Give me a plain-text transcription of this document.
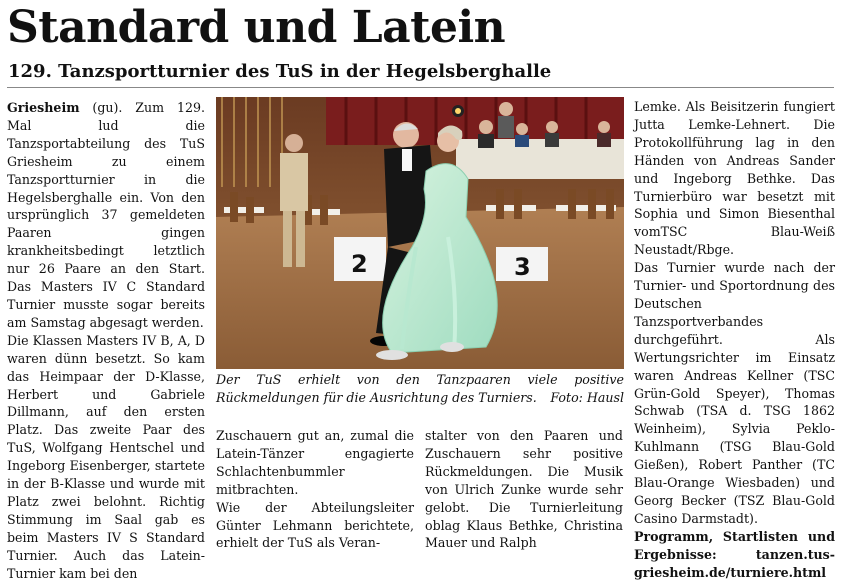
Standard und Latein
129. Tanzsportturnier des TuS in der Hegelsberghalle

Griesheim (gu). Zum 129. Mal lud die Tanzsportabteilung des TuS Griesheim zu einem Tanzsportturnier in die Hegelsberghalle ein. Von den ursprünglich 37 gemeldeten Paaren gingen krankheitsbedingt letztlich nur 26 Paare an den Start. Das Masters IV C Standard Turnier musste sogar bereits am Samstag abgesagt werden.

Die Klassen Masters IV B, A, D waren dünn besetzt. So kam das Heimpaar der D-Klasse, Herbert und Gabriele Dillmann, auf den ersten Platz. Das zweite Paar des TuS, Wolfgang Hentschel und Ingeborg Eisenberger, startete in der B-Klasse und wurde mit Platz zwei belohnt. Richtig Stimmung im Saal gab es beim Masters IV S Standard Turnier. Auch das Latein-Turnier kam bei den

2	3
Der TuS erhielt von den Tanzpaaren viele positive Rückmeldungen für die Ausrichtung des Turniers. Foto: Hausl

Zuschauern gut an, zumal die Latein-Tänzer engagierte Schlachtenbummler mitbrachten.

Wie der Abteilungsleiter Günter Lehmann berichtete, erhielt der TuS als Veran-

stalter von den Paaren und Zuschauern sehr positive Rückmeldungen. Die Musik von Ulrich Zunke wurde sehr gelobt. Die Turnierleitung oblag Klaus Bethke, Christina Mauer und Ralph

Lemke. Als Beisitzerin fungiert Jutta Lemke-Lehnert. Die Protokollführung lag in den Händen von Andreas Sander und Ingeborg Bethke. Das Turnierbüro war besetzt mit Sophia und Simon Biesenthal vomTSC Blau-Weiß Neustadt/Rbge.

Das Turnier wurde nach der Turnier- und Sportordnung des Deutschen Tanzsportverbandes durchgeführt. Als Wertungsrichter im Einsatz waren Andreas Kellner (TSC Grün-Gold Speyer), Thomas Schwab (TSA d. TSG 1862 Weinheim), Sylvia Peklo-Kuhlmann (TSG Blau-Gold Gießen), Robert Panther (TC Blau-Orange Wiesbaden) und Georg Becker (TSZ Blau-Gold Casino Darmstadt).

Programm, Startlisten und Ergebnisse: tanzen.tus-griesheim.de/turniere.html
